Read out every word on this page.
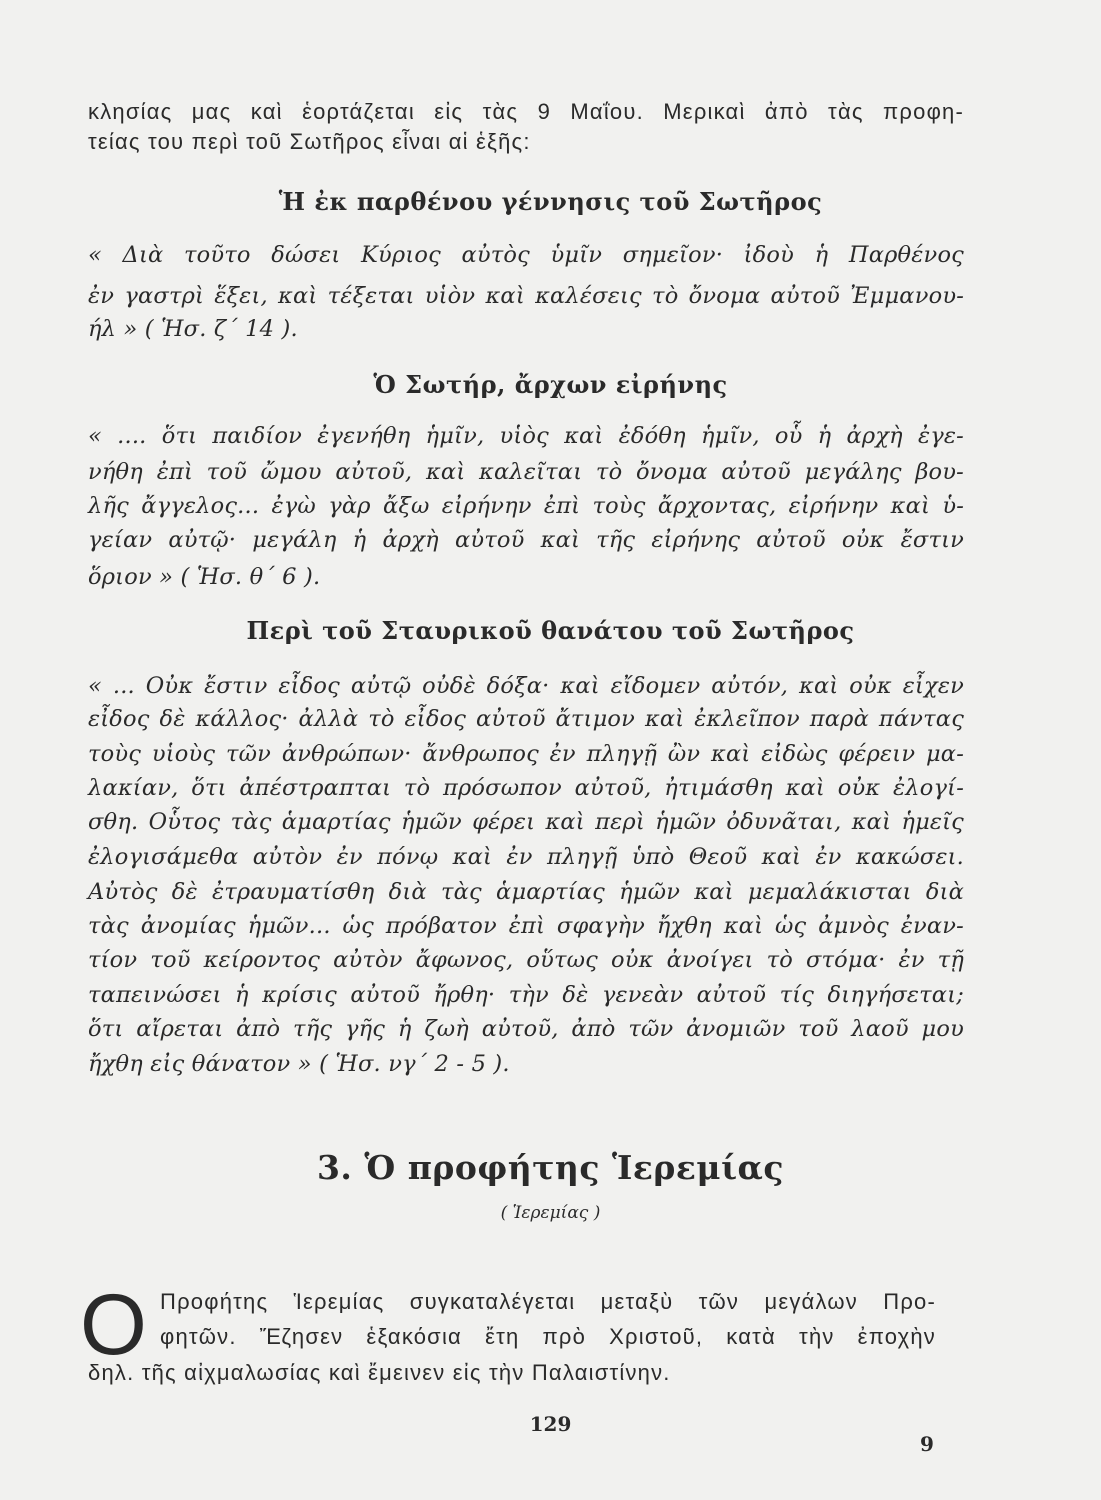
κλησίας μας καὶ ἑορτάζεται εἰς τὰς 9 Μαΐου. Μερικαὶ ἀπὸ τὰς προφη-
τείας του περὶ τοῦ Σωτῆρος εἶναι αἱ ἑξῆς:
Ἡ ἐκ παρθένου γέννησις τοῦ Σωτῆρος
« Διὰ τοῦτο δώσει Κύριος αὐτὸς ὑμῖν σημεῖον· ἰδοὺ ἡ Παρθένος
ἐν γαστρὶ ἕξει, καὶ τέξεται υἱὸν καὶ καλέσεις τὸ ὄνομα αὐτοῦ Ἐμμανου-
ήλ » ( Ἡσ. ζ΄ 14 ).
Ὁ Σωτήρ, ἄρχων εἰρήνης
« .... ὅτι παιδίον ἐγενήθη ἡμῖν, υἱὸς καὶ ἐδόθη ἡμῖν, οὗ ἡ ἀρχὴ ἐγε-
νήθη ἐπὶ τοῦ ὤμου αὐτοῦ, καὶ καλεῖται τὸ ὄνομα αὐτοῦ μεγάλης βου-
λῆς ἄγγελος... ἐγὼ γὰρ ἄξω εἰρήνην ἐπὶ τοὺς ἄρχοντας, εἰρήνην καὶ ὑ-
γείαν αὐτῷ· μεγάλη ἡ ἀρχὴ αὐτοῦ καὶ τῆς εἰρήνης αὐτοῦ οὐκ ἔστιν
ὅριον » ( Ἡσ. θ΄ 6 ).
Περὶ τοῦ Σταυρικοῦ θανάτου τοῦ Σωτῆρος
« ... Οὐκ ἔστιν εἶδος αὐτῷ οὐδὲ δόξα· καὶ εἴδομεν αὐτόν, καὶ οὐκ εἶχεν
εἶδος δὲ κάλλος· ἀλλὰ τὸ εἶδος αὐτοῦ ἄτιμον καὶ ἐκλεῖπον παρὰ πάντας
τοὺς υἱοὺς τῶν ἀνθρώπων· ἄνθρωπος ἐν πληγῇ ὢν καὶ εἰδὼς φέρειν μα-
λακίαν, ὅτι ἀπέστραπται τὸ πρόσωπον αὐτοῦ, ἠτιμάσθη καὶ οὐκ ἐλογί-
σθη. Οὗτος τὰς ἁμαρτίας ἡμῶν φέρει καὶ περὶ ἡμῶν ὀδυνᾶται, καὶ ἡμεῖς
ἐλογισάμεθα αὐτὸν ἐν πόνῳ καὶ ἐν πληγῇ ὑπὸ Θεοῦ καὶ ἐν κακώσει.
Αὐτὸς δὲ ἐτραυματίσθη διὰ τὰς ἁμαρτίας ἡμῶν καὶ μεμαλάκισται διὰ
τὰς ἀνομίας ἡμῶν... ὡς πρόβατον ἐπὶ σφαγὴν ἤχθη καὶ ὡς ἀμνὸς ἐναν-
τίον τοῦ κείροντος αὐτὸν ἄφωνος, οὕτως οὐκ ἀνοίγει τὸ στόμα· ἐν τῇ
ταπεινώσει ἡ κρίσις αὐτοῦ ἤρθη· τὴν δὲ γενεὰν αὐτοῦ τίς διηγήσεται;
ὅτι αἴρεται ἀπὸ τῆς γῆς ἡ ζωὴ αὐτοῦ, ἀπὸ τῶν ἀνομιῶν τοῦ λαοῦ μου
ἤχθη εἰς θάνατον » ( Ἡσ. νγ΄ 2 - 5 ).
3. Ὁ προφήτης Ἱερεμίας
( Ἱερεμίας )
Ο Προφήτης Ἱερεμίας συγκαταλέγεται μεταξὺ τῶν μεγάλων Προ-
φητῶν. Ἔζησεν ἑξακόσια ἔτη πρὸ Χριστοῦ, κατὰ τὴν ἐποχὴν
δηλ. τῆς αἰχμαλωσίας καὶ ἔμεινεν εἰς τὴν Παλαιστίνην.
129
9
